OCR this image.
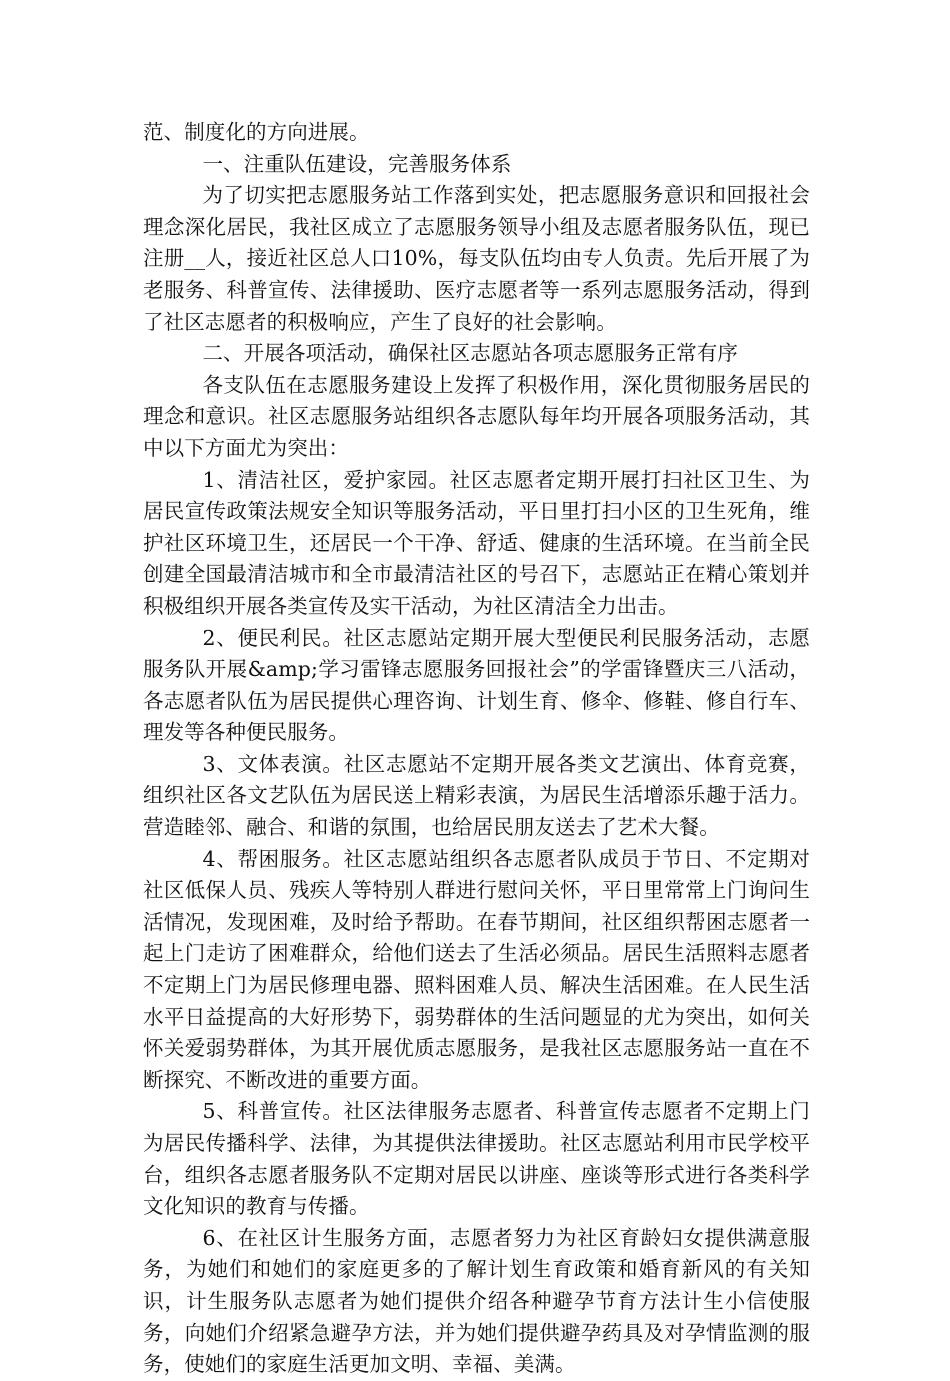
范、制度化的方向进展。

一、注重队伍建设，完善服务体系

为了切实把志愿服务站工作落到实处，把志愿服务意识和回报社会理念深化居民，我社区成立了志愿服务领导小组及志愿者服务队伍，现已注册__人，接近社区总人口10%，每支队伍均由专人负责。先后开展了为老服务、科普宣传、法律援助、医疗志愿者等一系列志愿服务活动，得到了社区志愿者的积极响应，产生了良好的社会影响。

二、开展各项活动，确保社区志愿站各项志愿服务正常有序

各支队伍在志愿服务建设上发挥了积极作用，深化贯彻服务居民的理念和意识。社区志愿服务站组织各志愿队每年均开展各项服务活动，其中以下方面尤为突出：

1、清洁社区，爱护家园。社区志愿者定期开展打扫社区卫生、为居民宣传政策法规安全知识等服务活动，平日里打扫小区的卫生死角，维护社区环境卫生，还居民一个干净、舒适、健康的生活环境。在当前全民创建全国最清洁城市和全市最清洁社区的号召下，志愿站正在精心策划并积极组织开展各类宣传及实干活动，为社区清洁全力出击。

2、便民利民。社区志愿站定期开展大型便民利民服务活动，志愿服务队开展&amp;学习雷锋志愿服务回报社会”的学雷锋暨庆三八活动，各志愿者队伍为居民提供心理咨询、计划生育、修伞、修鞋、修自行车、理发等各种便民服务。

3、文体表演。社区志愿站不定期开展各类文艺演出、体育竞赛，组织社区各文艺队伍为居民送上精彩表演，为居民生活增添乐趣于活力。营造睦邻、融合、和谐的氛围，也给居民朋友送去了艺术大餐。

4、帮困服务。社区志愿站组织各志愿者队成员于节日、不定期对社区低保人员、残疾人等特别人群进行慰问关怀，平日里常常上门询问生活情况，发现困难，及时给予帮助。在春节期间，社区组织帮困志愿者一起上门走访了困难群众，给他们送去了生活必须品。居民生活照料志愿者不定期上门为居民修理电器、照料困难人员、解决生活困难。在人民生活水平日益提高的大好形势下，弱势群体的生活问题显的尤为突出，如何关怀关爱弱势群体，为其开展优质志愿服务，是我社区志愿服务站一直在不断探究、不断改进的重要方面。

5、科普宣传。社区法律服务志愿者、科普宣传志愿者不定期上门为居民传播科学、法律，为其提供法律援助。社区志愿站利用市民学校平台，组织各志愿者服务队不定期对居民以讲座、座谈等形式进行各类科学文化知识的教育与传播。

6、在社区计生服务方面，志愿者努力为社区育龄妇女提供满意服务，为她们和她们的家庭更多的了解计划生育政策和婚育新风的有关知识，计生服务队志愿者为她们提供介绍各种避孕节育方法计生小信使服务，向她们介绍紧急避孕方法，并为她们提供避孕药具及对孕情监测的服务，使她们的家庭生活更加文明、幸福、美满。
